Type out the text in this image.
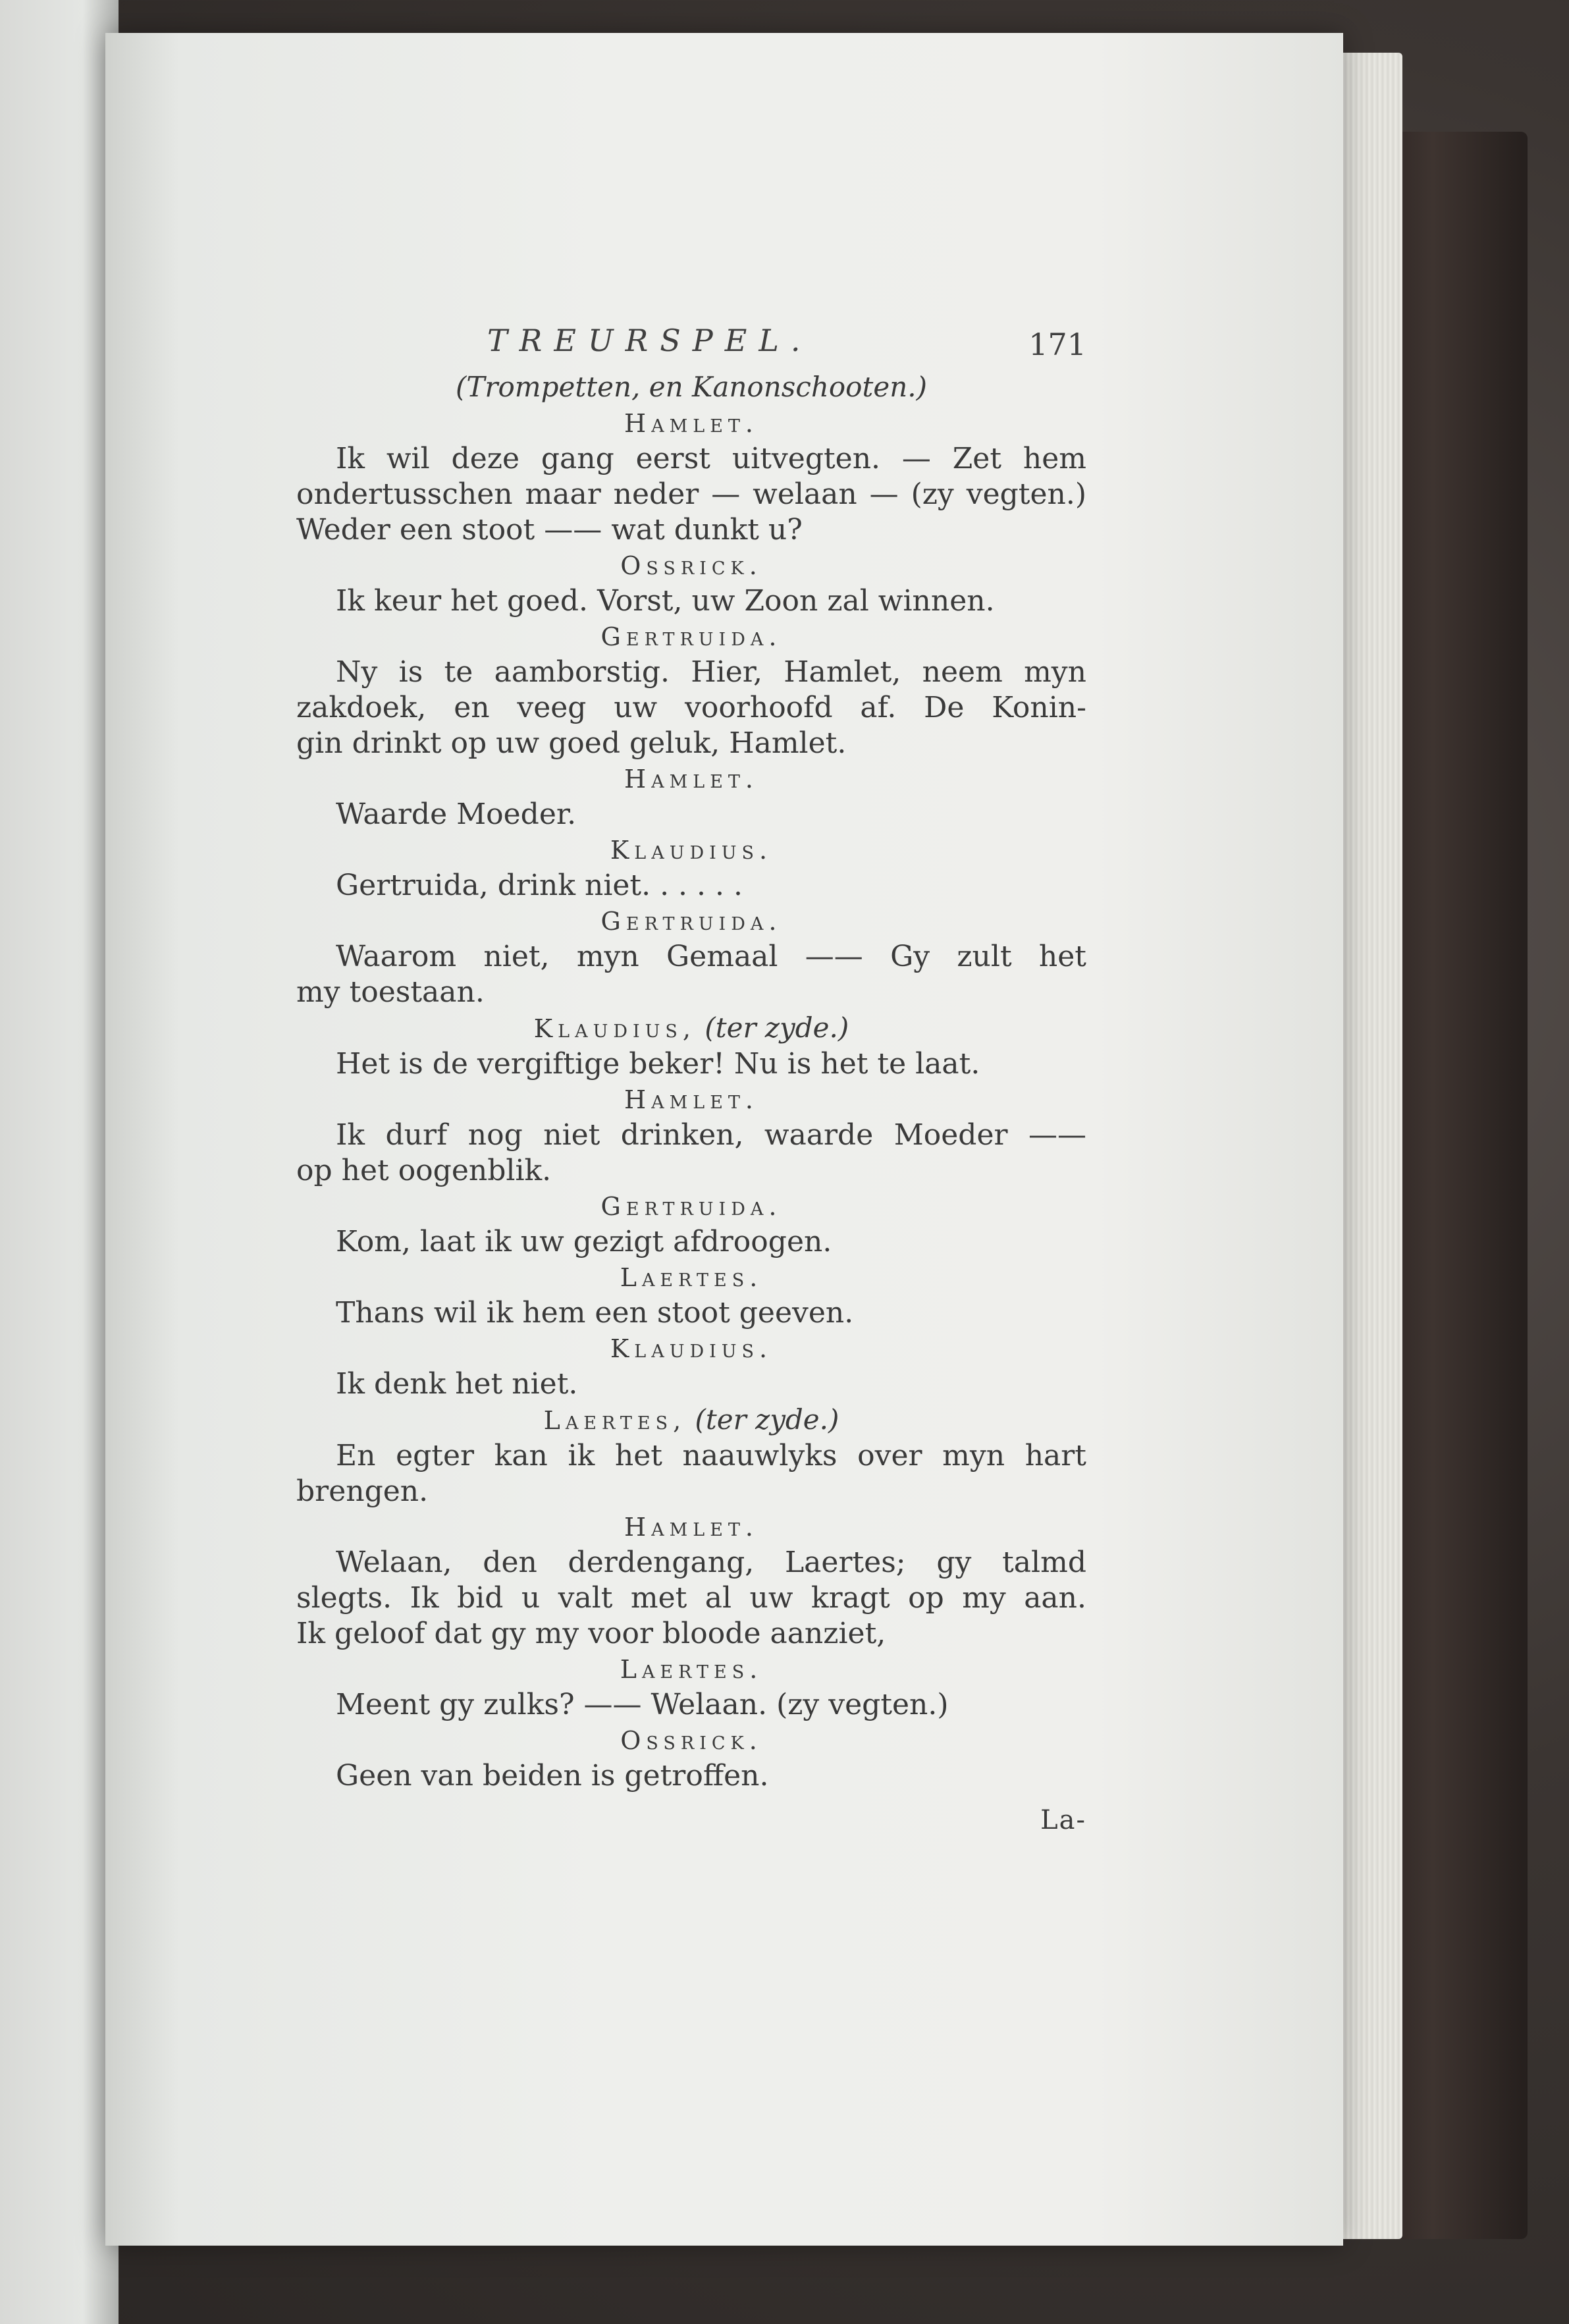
TREURSPEL.	171
(Trompetten, en Kanonschooten.)
Hamlet.
Ik wil deze gang eerst uitvegten. — Zet hem
ondertusschen maar neder — welaan — (zy vegten.)
Weder een stoot —— wat dunkt u?
Ossrick.
Ik keur het goed. Vorst, uw Zoon zal winnen.
Gertruida.
Ny is te aamborstig. Hier, Hamlet, neem myn
zakdoek, en veeg uw voorhoofd af. De Konin-
gin drinkt op uw goed geluk, Hamlet.
Hamlet.
Waarde Moeder.
Klaudius.
Gertruida, drink niet. . . . . .
Gertruida.
Waarom niet, myn Gemaal —— Gy zult het
my toestaan.
Klaudius, (ter zyde.)
Het is de vergiftige beker! Nu is het te laat.
Hamlet.
Ik durf nog niet drinken, waarde Moeder ——
op het oogenblik.
Gertruida.
Kom, laat ik uw gezigt afdroogen.
Laertes.
Thans wil ik hem een stoot geeven.
Klaudius.
Ik denk het niet.
Laertes, (ter zyde.)
En egter kan ik het naauwlyks over myn hart
brengen.
Hamlet.
Welaan, den derdengang, Laertes; gy talmd
slegts. Ik bid u valt met al uw kragt op my aan.
Ik geloof dat gy my voor bloode aanziet,
Laertes.
Meent gy zulks? —— Welaan. (zy vegten.)
Ossrick.
Geen van beiden is getroffen.
La-
